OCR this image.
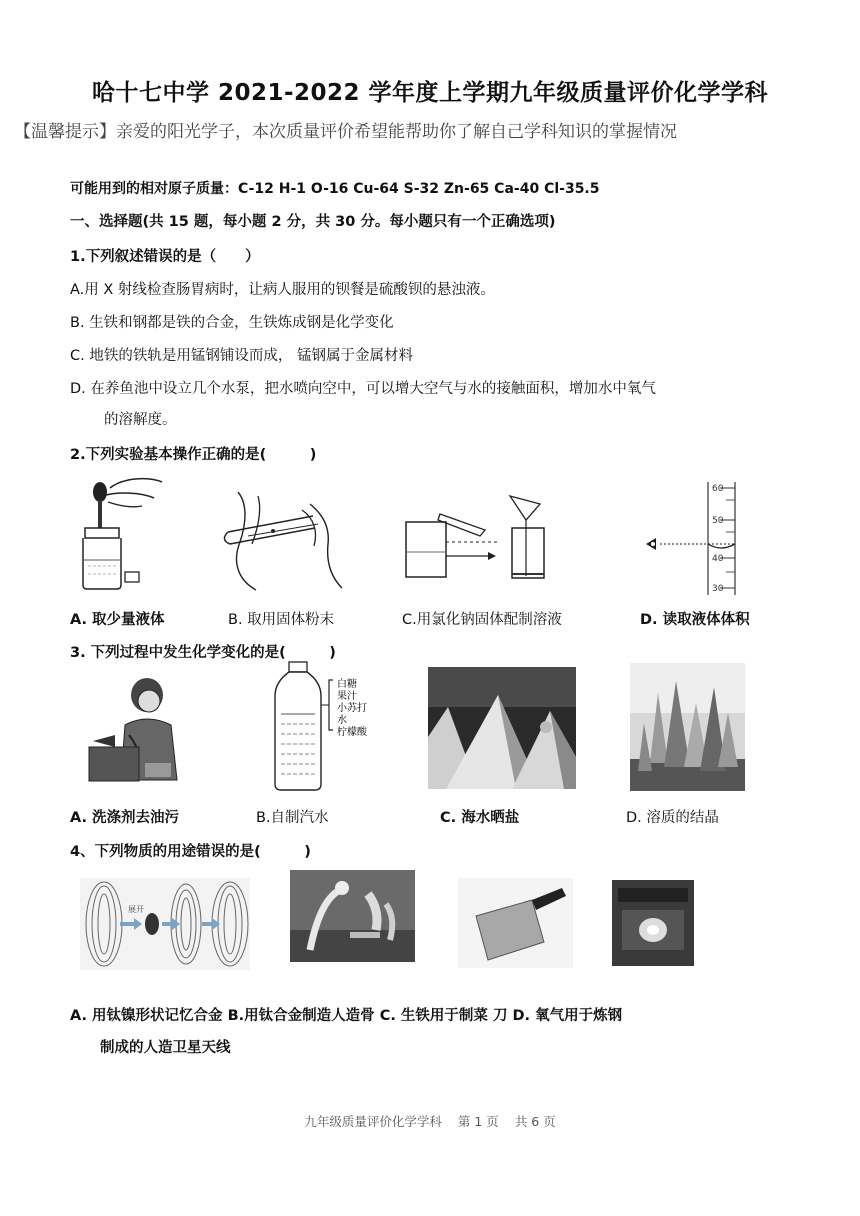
哈十七中学 2021-2022 学年度上学期九年级质量评价化学学科
【温馨提示】亲爱的阳光学子，本次质量评价希望能帮助你了解自己学科知识的掌握情况
可能用到的相对原子质量：C-12 H-1 O-16 Cu-64 S-32 Zn-65 Ca-40 Cl-35.5
一、选择题(共 15 题，每小题 2 分，共 30 分。每小题只有一个正确选项)
1.下列叙述错误的是（　　）
A.用 X 射线检查肠胃病时，让病人服用的钡餐是硫酸钡的悬浊液。
B. 生铁和钢都是铁的合金，生铁炼成钢是化学变化
C. 地铁的铁轨是用锰钢铺设而成， 锰钢属于金属材料
D. 在养鱼池中设立几个水泵，把水喷向空中，可以增大空气与水的接触面积，增加水中氧气
的溶解度。
2.下列实验基本操作正确的是(　　　)
60
50
40
30
A. 取少量液体	B. 取用固体粉末	C.用氯化钠固体配制溶液	D. 读取液体体积
3. 下列过程中发生化学变化的是(　　　)
白糖
果汁
小苏打
水
柠檬酸
A. 洗涤剂去油污	B.自制汽水	C. 海水晒盐	D. 溶质的结晶
4、下列物质的用途错误的是(　　　)
展开
A. 用钛镍形状记忆合金 B.用钛合金制造人造骨 C. 生铁用于制菜 刀 D. 氧气用于炼钢
制成的人造卫星天线
九年级质量评价化学学科 第 1 页 共 6 页
